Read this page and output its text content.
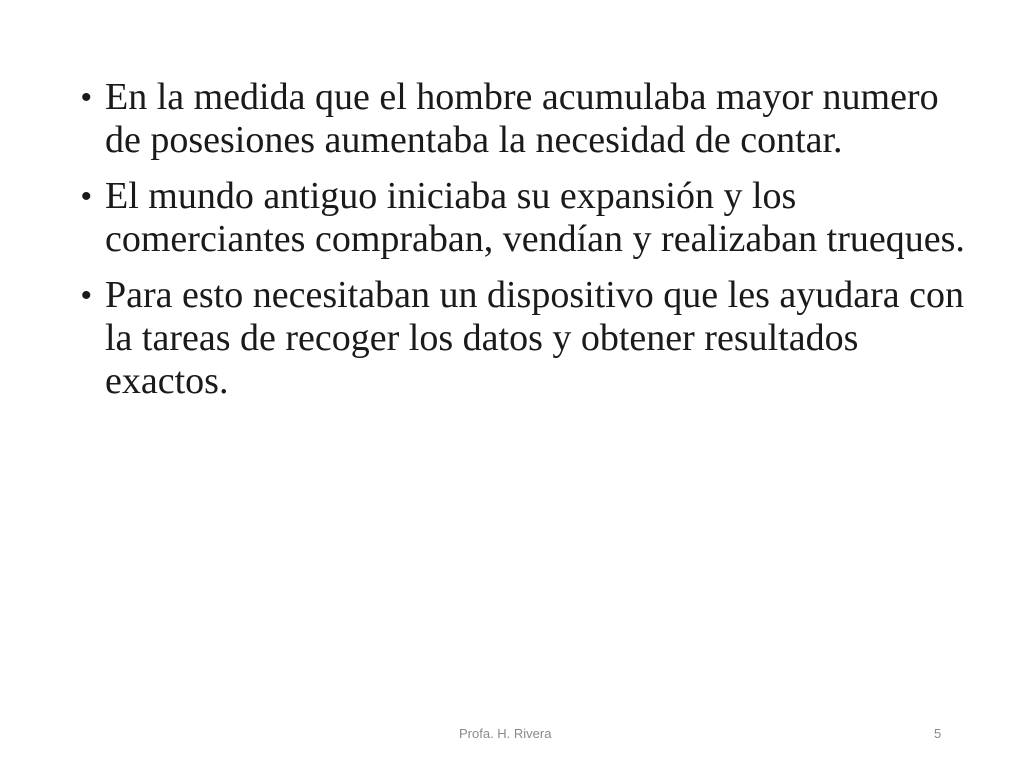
• En la medida que el hombre acumulaba mayor numero de posesiones aumentaba la necesidad de contar.
• El mundo antiguo iniciaba su expansión y los comerciantes compraban, vendían y realizaban trueques.
• Para esto necesitaban un dispositivo que les ayudara con la tareas de recoger los datos y obtener resultados exactos.
Profa. H. Rivera	5
